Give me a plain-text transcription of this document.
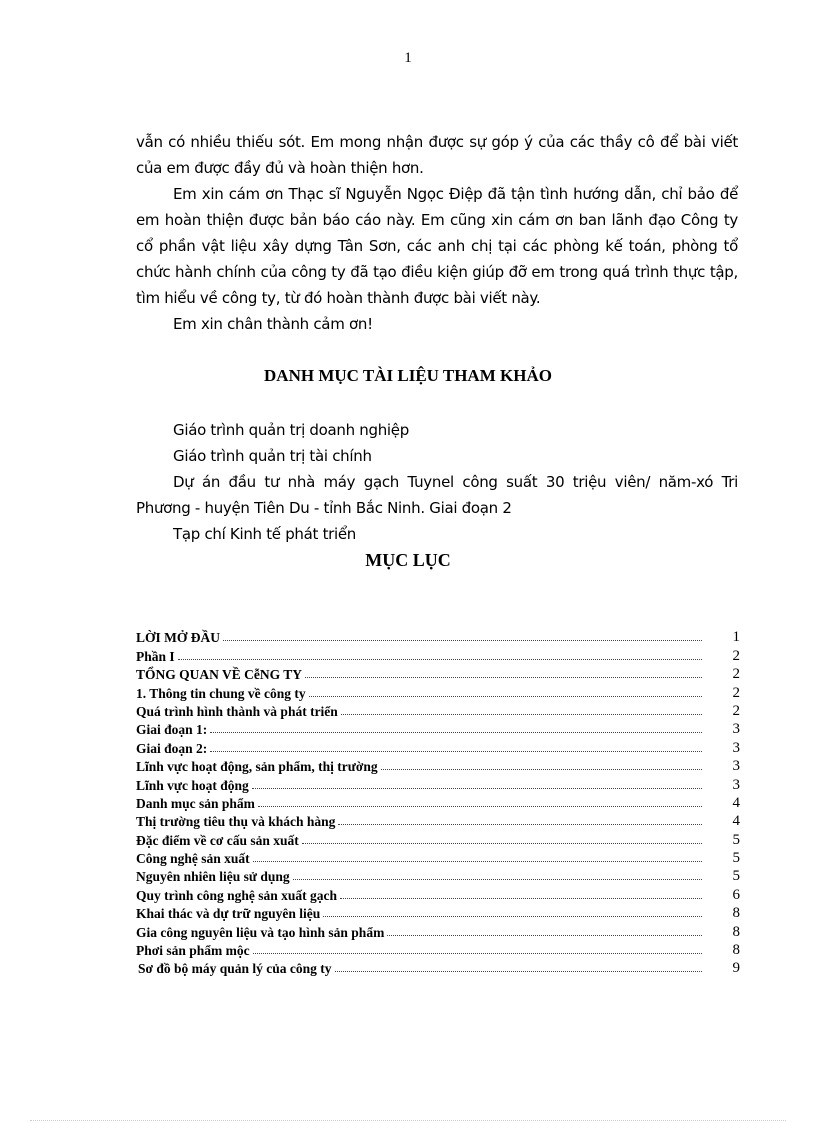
1

vẫn có nhiều thiếu sót. Em mong nhận được sự góp ý của các thầy cô để bài viết của em được đầy đủ và hoàn thiện hơn.

Em xin cám ơn Thạc sĩ Nguyễn Ngọc Điệp đã tận tình hướng dẫn, chỉ bảo để em hoàn thiện được bản báo cáo này. Em cũng xin cám ơn ban lãnh đạo Công ty cổ phần vật liệu xây dựng Tân Sơn, các anh chị tại các phòng kế toán, phòng tổ chức hành chính của công ty đã tạo điều kiện giúp đỡ em trong quá trình thực tập, tìm hiểu về công ty, từ đó hoàn thành được bài viết này.

Em xin chân thành cảm ơn!

DANH MỤC TÀI LIỆU THAM KHẢO

Giáo trình quản trị doanh nghiệp

Giáo trình quản trị tài chính

Dự án đầu tư nhà máy gạch Tuynel công suất 30 triệu viên/ năm-xó Tri Phương - huyện Tiên Du - tỉnh Bắc Ninh. Giai đoạn 2

Tạp chí Kinh tế phát triển

MỤC LỤC
LỜI MỞ ĐẦU	1
Phần I	2
TỔNG QUAN VỀ CễNG TY	2
1. Thông tin chung về công ty	2
Quá trình hình thành và phát triển	2
Giai đoạn 1:	3
Giai đoạn 2:	3
Lĩnh vực hoạt động, sản phẩm, thị trường	3
Lĩnh vực hoạt động	3
Danh mục sản phẩm	4
Thị trường tiêu thụ và khách hàng	4
Đặc điểm về cơ cấu sản xuất	5
Công nghệ sản xuất	5
Nguyên nhiên liệu sử dụng	5
Quy trình công nghệ sản xuất gạch	6
Khai thác và dự trữ nguyên liệu	8
Gia công nguyên liệu và tạo hình sản phẩm	8
Phơi sản phẩm mộc	8
Sơ đồ bộ máy quản lý của công ty	9
